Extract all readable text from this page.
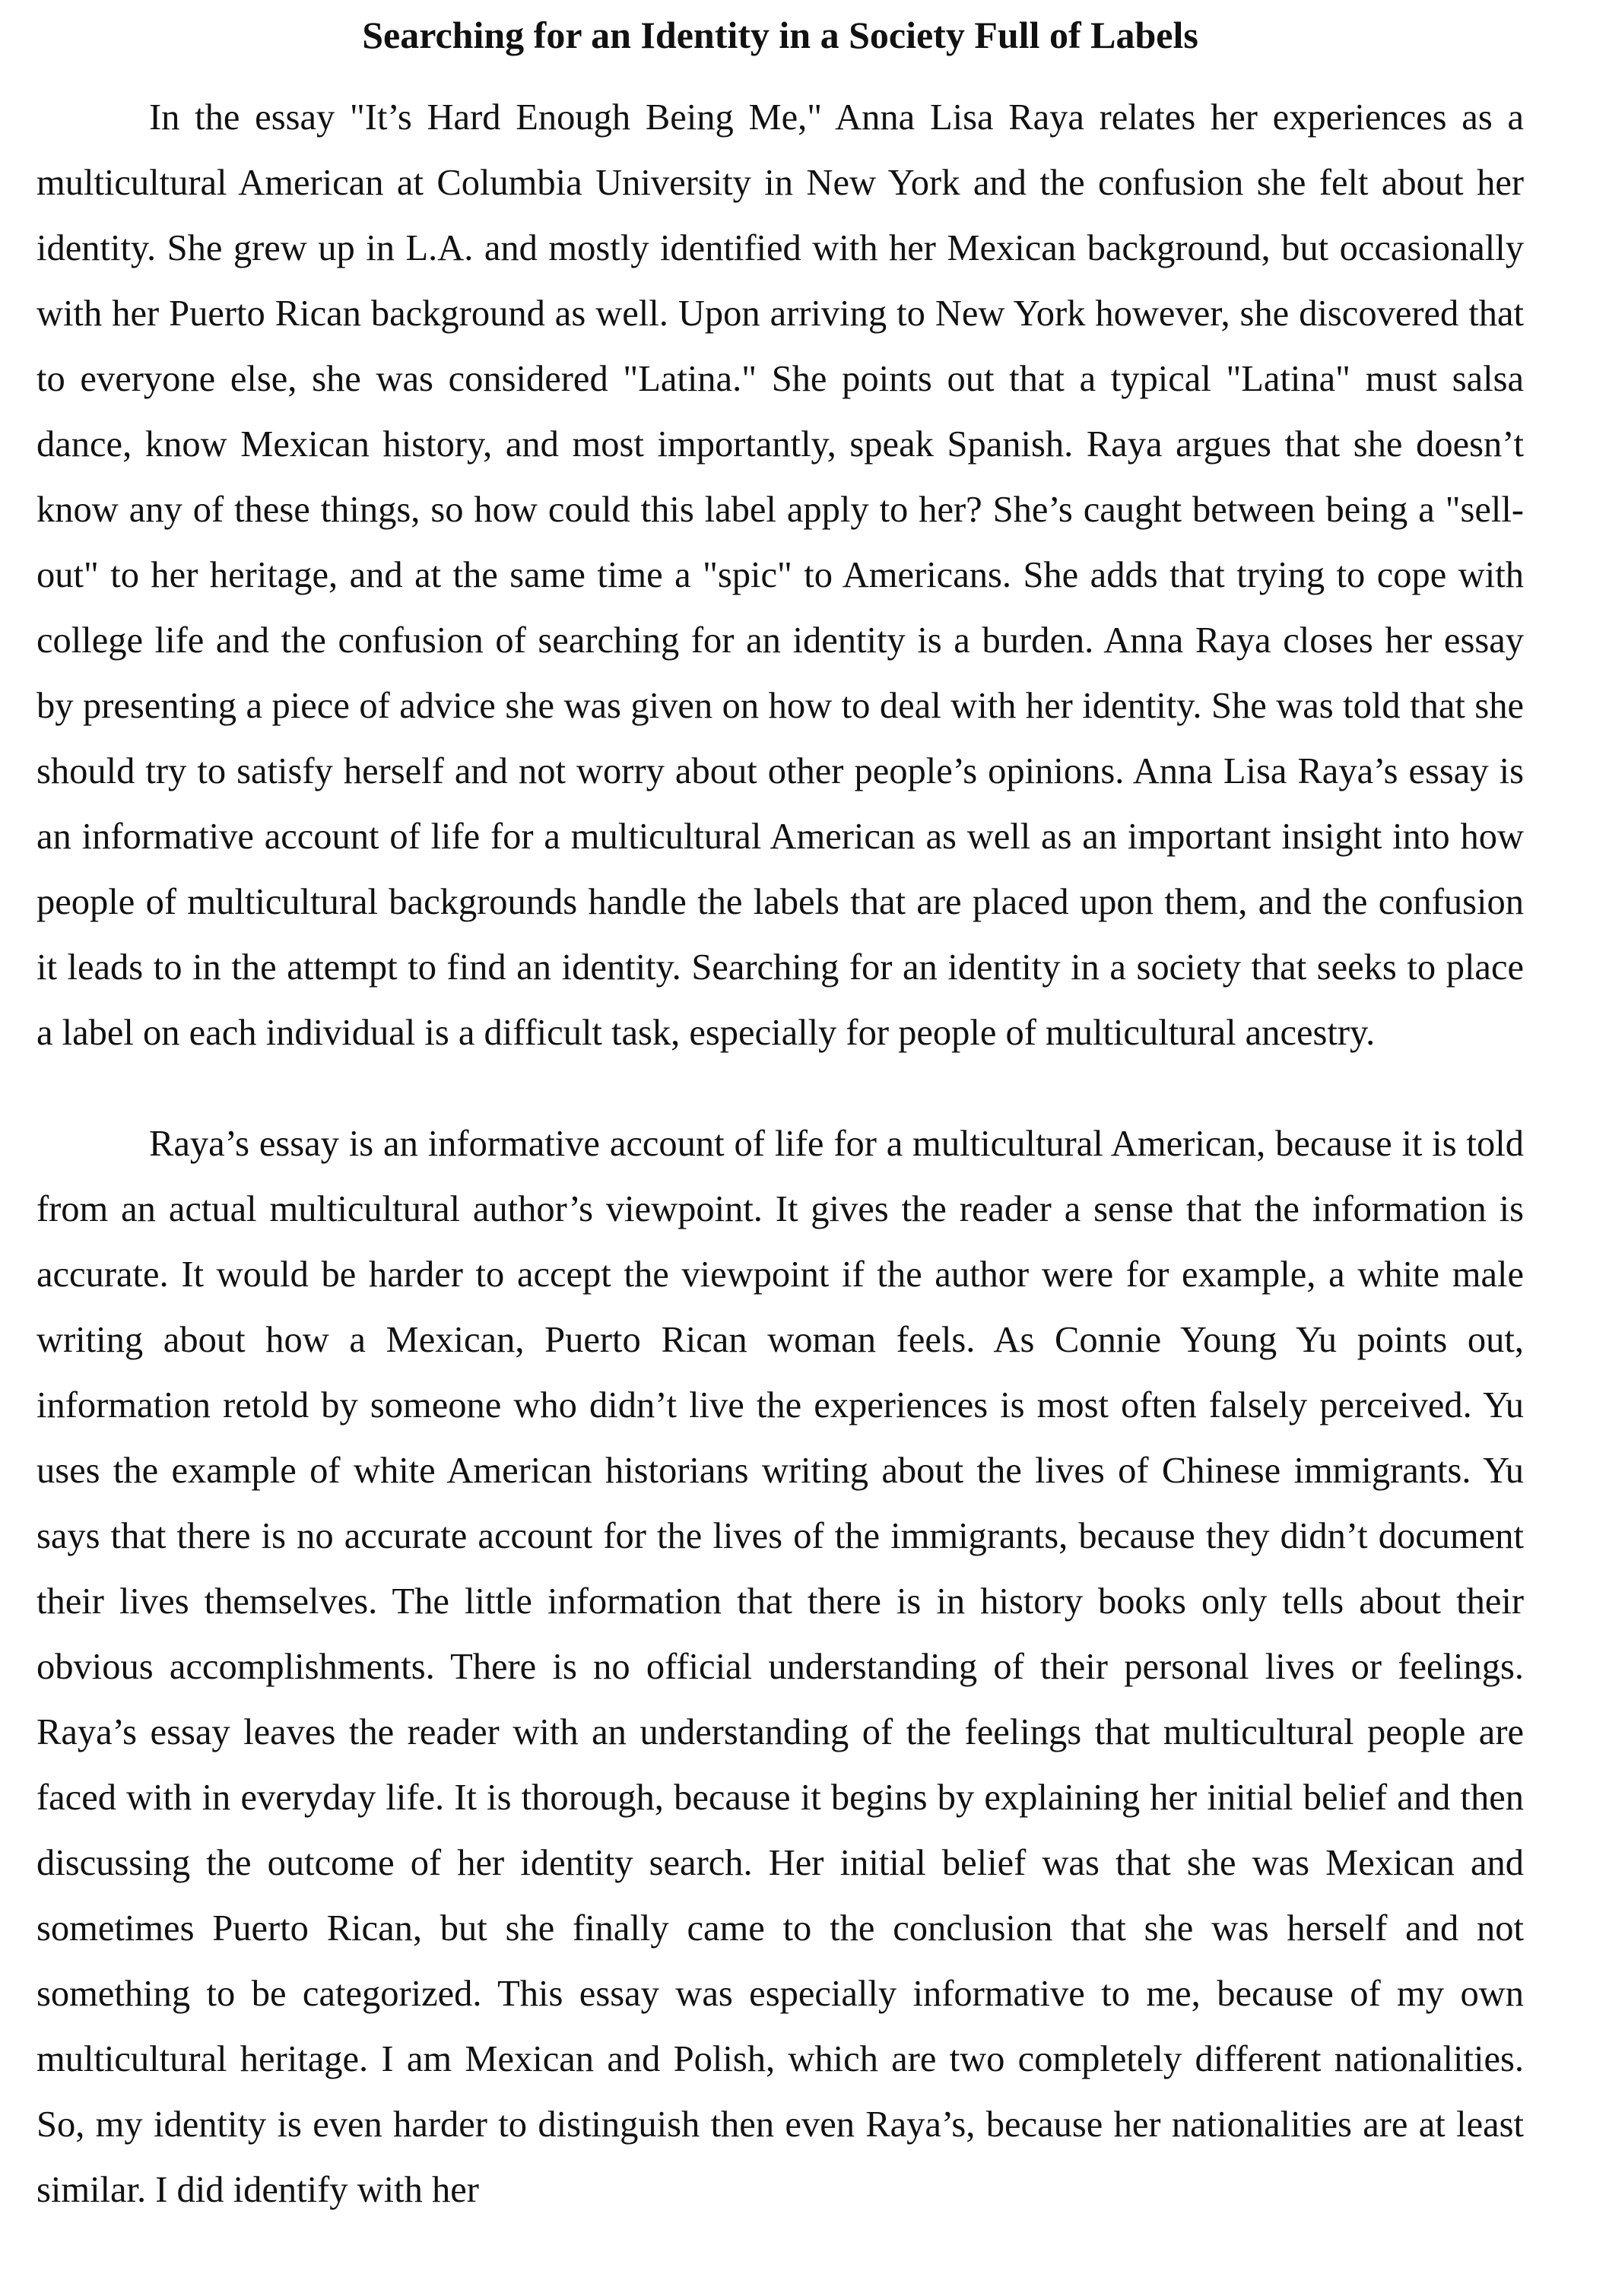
Searching for an Identity in a Society Full of Labels

In the essay "It’s Hard Enough Being Me," Anna Lisa Raya relates her experiences as a multicultural American at Columbia University in New York and the confusion she felt about her identity. She grew up in L.A. and mostly identified with her Mexican background, but occasionally with her Puerto Rican background as well. Upon arriving to New York however, she discovered that to everyone else, she was considered "Latina." She points out that a typical "Latina" must salsa dance, know Mexican history, and most importantly, speak Spanish. Raya argues that she doesn’t know any of these things, so how could this label apply to her? She’s caught between being a "sell-out" to her heritage, and at the same time a "spic" to Americans. She adds that trying to cope with college life and the confusion of searching for an identity is a burden. Anna Raya closes her essay by presenting a piece of advice she was given on how to deal with her identity. She was told that she should try to satisfy herself and not worry about other people’s opinions. Anna Lisa Raya’s essay is an informative account of life for a multicultural American as well as an important insight into how people of multicultural backgrounds handle the labels that are placed upon them, and the confusion it leads to in the attempt to find an identity. Searching for an identity in a society that seeks to place a label on each individual is a difficult task, especially for people of multicultural ancestry.

Raya’s essay is an informative account of life for a multicultural American, because it is told from an actual multicultural author’s viewpoint. It gives the reader a sense that the information is accurate. It would be harder to accept the viewpoint if the author were for example, a white male writing about how a Mexican, Puerto Rican woman feels. As Connie Young Yu points out, information retold by someone who didn’t live the experiences is most often falsely perceived. Yu uses the example of white American historians writing about the lives of Chinese immigrants. Yu says that there is no accurate account for the lives of the immigrants, because they didn’t document their lives themselves. The little information that there is in history books only tells about their obvious accomplishments. There is no official understanding of their personal lives or feelings. Raya’s essay leaves the reader with an understanding of the feelings that multicultural people are faced with in everyday life. It is thorough, because it begins by explaining her initial belief and then discussing the outcome of her identity search. Her initial belief was that she was Mexican and sometimes Puerto Rican, but she finally came to the conclusion that she was herself and not something to be categorized. This essay was especially informative to me, because of my own multicultural heritage. I am Mexican and Polish, which are two completely different nationalities. So, my identity is even harder to distinguish then even Raya’s, because her nationalities are at least similar. I did identify with her
